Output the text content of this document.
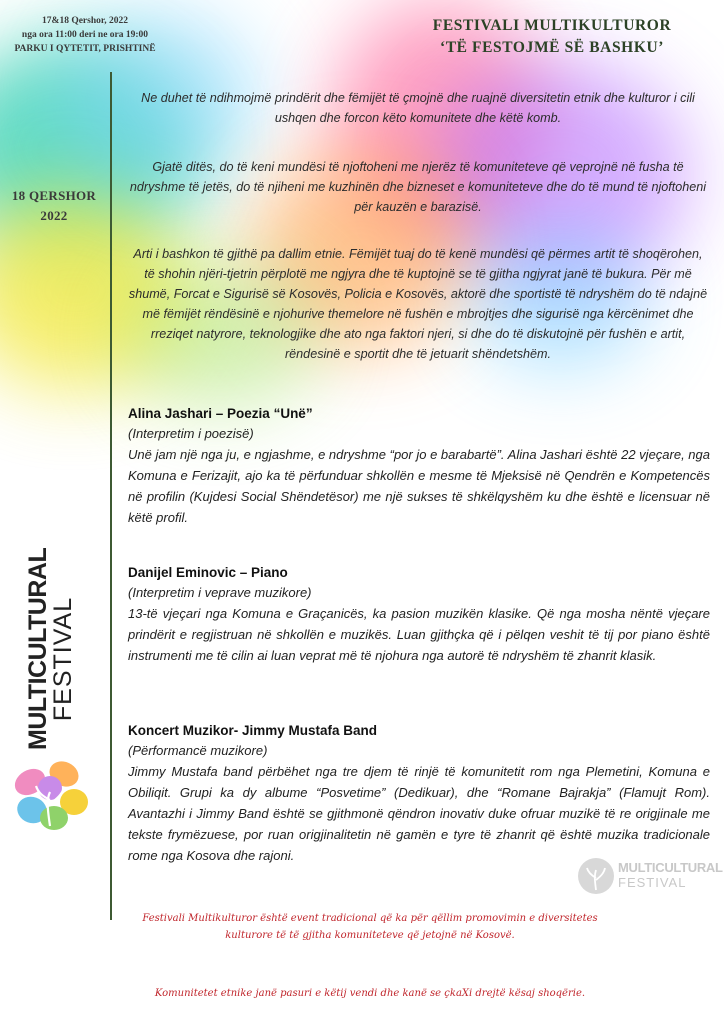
17&18 Qershor, 2022
nga ora 11:00 deri ne ora 19:00
PARKU I QYTETIT, PRISHTINË
FESTIVALI MULTIKULTUROR
‘TË FESTOJMË SË BASHKU’
18 QERSHOR
2022
MULTICULTURAL
FESTIVAL
Ne duhet të ndihmojmë prindërit dhe fëmijët të çmojnë dhe ruajnë diversitetin etnik dhe kulturor i cili ushqen dhe forcon këto komunitete dhe këtë komb.
Gjatë ditës, do të keni mundësi të njoftoheni me njerëz të komuniteteve që veprojnë në fusha të ndryshme të jetës, do të njiheni me kuzhinën dhe bizneset e komuniteteve dhe do të mund të njoftoheni për kauzën e barazisë.
Arti i bashkon të gjithë pa dallim etnie. Fëmijët tuaj do të kenë mundësi që përmes artit të shoqërohen, të shohin njëri-tjetrin përplotë me ngjyra dhe të kuptojnë se të gjitha ngjyrat janë të bukura. Për më shumë, Forcat e Sigurisë së Kosovës, Policia e Kosovës, aktorë dhe sportistë të ndryshëm do të ndajnë më fëmijët rëndësinë e njohurive themelore në fushën e mbrojtjes dhe sigurisë nga kërcënimet dhe rreziqet natyrore, teknologjike dhe ato nga faktori njeri, si dhe do të diskutojnë për fushën e artit, rëndesinë e sportit dhe të jetuarit shëndetshëm.
Alina Jashari – Poezia “Unë”
(Interpretim i poezisë)
Unë jam një nga ju, e ngjashme, e ndryshme “por jo e barabartë”. Alina Jashari është 22 vjeçare, nga Komuna e Ferizajit, ajo ka të përfunduar shkollën e mesme të Mjeksisë në Qendrën e Kompetencës në profilin (Kujdesi Social Shëndetësor) me një sukses të shkëlqyshëm ku dhe është e licensuar në këtë profil.
Danijel Eminovic – Piano
(Interpretim i veprave muzikore)
13-të vjeçari nga Komuna e Graçanicës, ka pasion muzikën klasike. Që nga mosha nëntë vjeçare prindërit e regjistruan në shkollën e muzikës. Luan gjithçka që i pëlqen veshit të tij por piano është instrumenti me të cilin ai luan veprat më të njohura nga autorë të ndryshëm të zhanrit klasik.
Koncert Muzikor- Jimmy Mustafa Band
(Përformancë muzikore)
Jimmy Mustafa band përbëhet nga tre djem të rinjë të komunitetit rom nga Plemetini, Komuna e Obiliqit. Grupi ka dy albume “Posvetime” (Dedikuar), dhe “Romane Bajrakja” (Flamujt Rom). Avantazhi i Jimmy Band është se gjithmonë qëndron inovativ duke ofruar muzikë të re origjinale me tekste frymëzuese, por ruan origjinalitetin në gamën e tyre të zhanrit që është muzika tradicionale rome nga Kosova dhe rajoni.
MULTICULTURAL
FESTIVAL
Festivali Multikulturor është event tradicional që ka për qëllim promovimin e diversitetes kulturore të të gjitha komuniteteve që jetojnë në Kosovë.
Komunitetet etnike janë pasuri e këtij vendi dhe kanë se çkaXi drejtë kësaj shoqërie.
